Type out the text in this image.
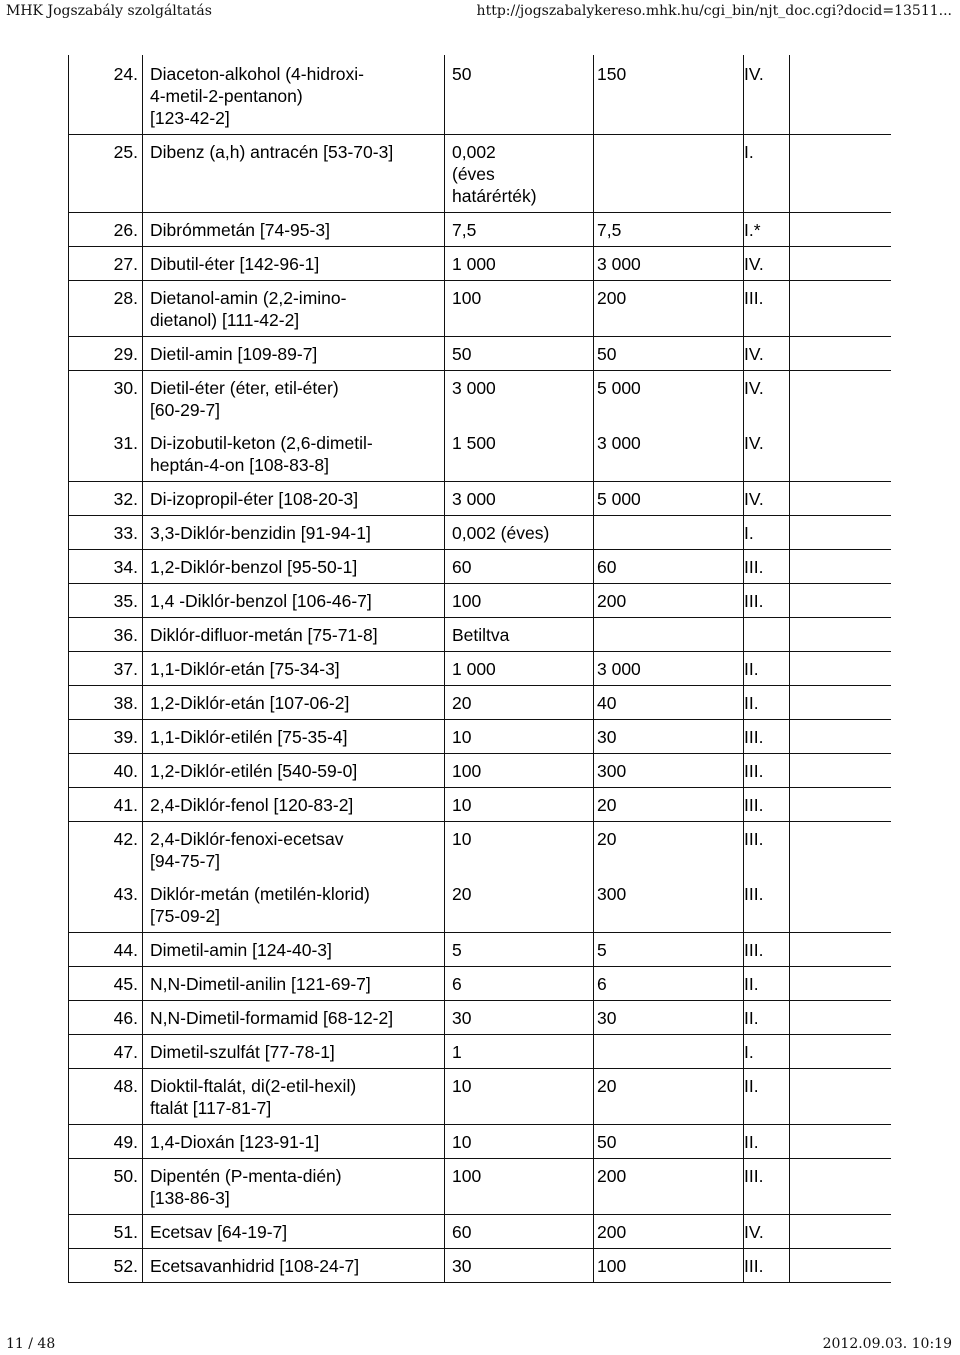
MHK Jogszabály szolgáltatás	http://jogszabalykereso.mhk.hu/cgi_bin/njt_doc.cgi?docid=13511...
24.	Diaceton-alkohol (4-hidroxi-
4-metil-2-pentanon)
[123-42-2]	50	150	IV.	
25.	Dibenz (a,h) antracén [53-70-3]	0,002
(éves
határérték)		I.	
26.	Dibrómmetán [74-95-3]	7,5	7,5	I.*	
27.	Dibutil-éter [142-96-1]	1 000	3 000	IV.	
28.	Dietanol-amin (2,2-imino-
dietanol) [111-42-2]	100	200	III.	
29.	Dietil-amin [109-89-7]	50	50	IV.	
30.	Dietil-éter (éter, etil-éter)
[60-29-7]	3 000	5 000	IV.	
31.	Di-izobutil-keton (2,6-dimetil-
heptán-4-on [108-83-8]	1 500	3 000	IV.	
32.	Di-izopropil-éter [108-20-3]	3 000	5 000	IV.	
33.	3,3-Diklór-benzidin [91-94-1]	0,002 (éves)		I.	
34.	1,2-Diklór-benzol [95-50-1]	60	60	III.	
35.	1,4 -Diklór-benzol [106-46-7]	100	200	III.	
36.	Diklór-difluor-metán [75-71-8]	Betiltva			
37.	1,1-Diklór-etán [75-34-3]	1 000	3 000	II.	
38.	1,2-Diklór-etán [107-06-2]	20	40	II.	
39.	1,1-Diklór-etilén [75-35-4]	10	30	III.	
40.	1,2-Diklór-etilén [540-59-0]	100	300	III.	
41.	2,4-Diklór-fenol [120-83-2]	10	20	III.	
42.	2,4-Diklór-fenoxi-ecetsav
[94-75-7]	10	20	III.	
43.	Diklór-metán (metilén-klorid)
[75-09-2]	20	300	III.	
44.	Dimetil-amin [124-40-3]	5	5	III.	
45.	N,N-Dimetil-anilin [121-69-7]	6	6	II.	
46.	N,N-Dimetil-formamid [68-12-2]	30	30	II.	
47.	Dimetil-szulfát [77-78-1]	1		I.	
48.	Dioktil-ftalát, di(2-etil-hexil)
ftalát [117-81-7]	10	20	II.	
49.	1,4-Dioxán [123-91-1]	10	50	II.	
50.	Dipentén (P-menta-dién)
[138-86-3]	100	200	III.	
51.	Ecetsav [64-19-7]	60	200	IV.	
52.	Ecetsavanhidrid [108-24-7]	30	100	III.	
11 / 48	2012.09.03. 10:19
